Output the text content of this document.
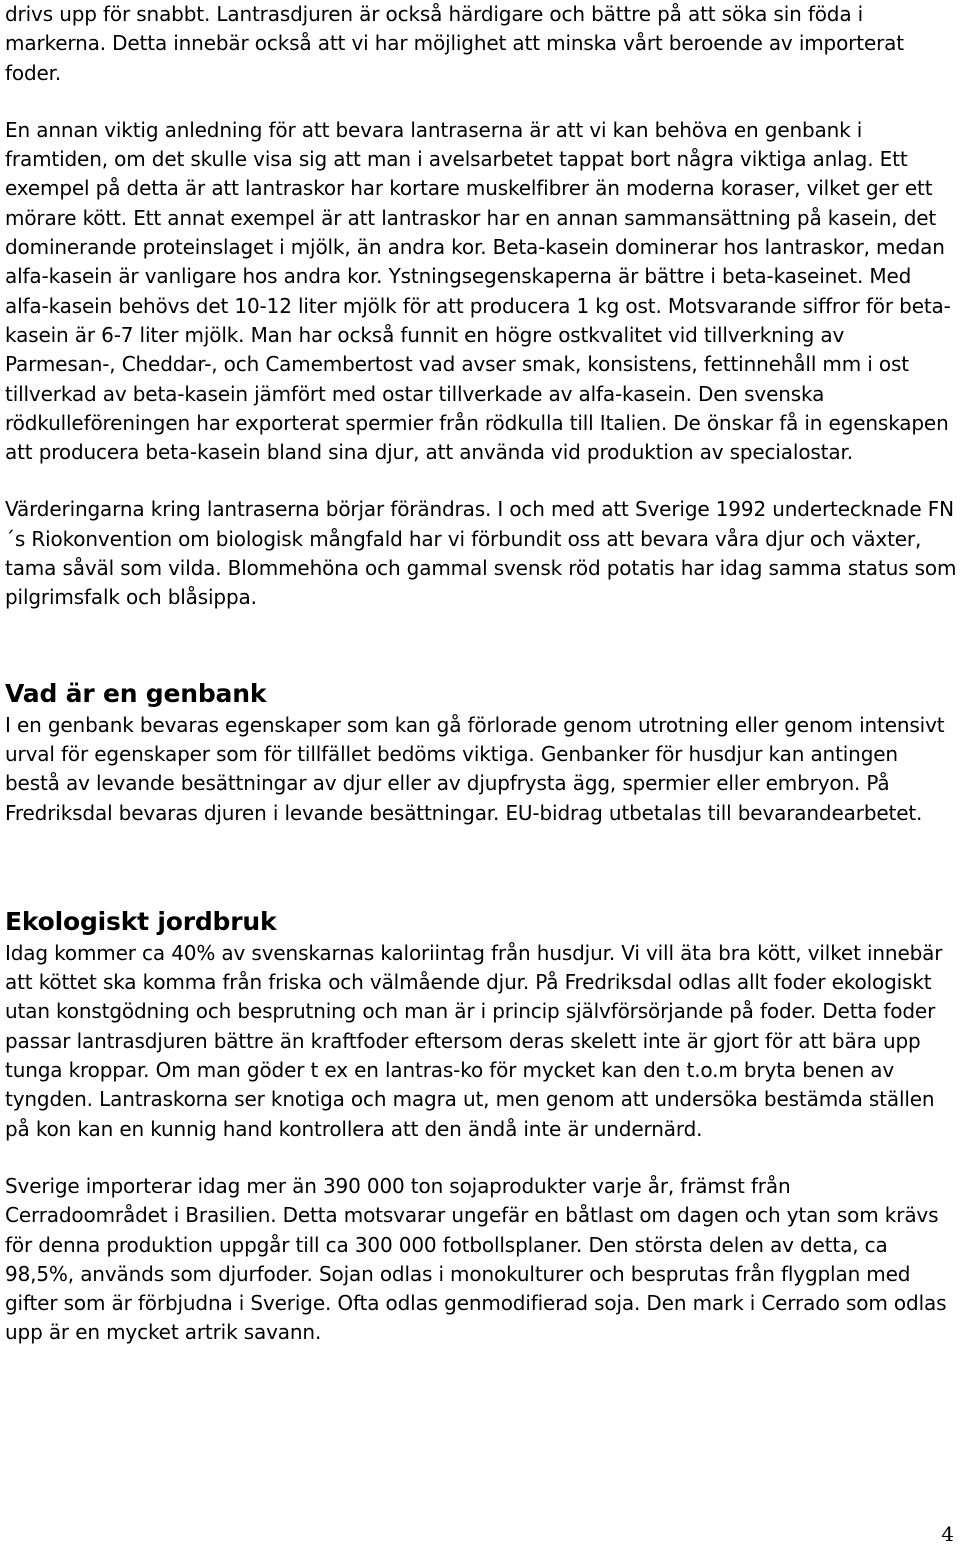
drivs upp för snabbt. Lantrasdjuren är också härdigare och bättre på att söka sin föda i markerna. Detta innebär också att vi har möjlighet att minska vårt beroende av importerat foder.

En annan viktig anledning för att bevara lantraserna är att vi kan behöva en genbank i framtiden, om det skulle visa sig att man i avelsarbetet tappat bort några viktiga anlag. Ett exempel på detta är att lantraskor har kortare muskelfibrer än moderna koraser, vilket ger ett mörare kött. Ett annat exempel är att lantraskor har en annan sammansättning på kasein, det dominerande proteinslaget i mjölk, än andra kor. Beta-kasein dominerar hos lantraskor, medan alfa-kasein är vanligare hos andra kor. Ystningsegenskaperna är bättre i beta-kaseinet. Med alfa-kasein behövs det 10-12 liter mjölk för att producera 1 kg ost. Motsvarande siffror för beta-kasein är 6-7 liter mjölk. Man har också funnit en högre ostkvalitet vid tillverkning av Parmesan-, Cheddar-, och Camembertost vad avser smak, konsistens, fettinnehåll mm i ost tillverkad av beta-kasein jämfört med ostar tillverkade av alfa-kasein. Den svenska rödkulleföreningen har exporterat spermier från rödkulla till Italien. De önskar få in egenskapen att producera beta-kasein bland sina djur, att använda vid produktion av specialostar.

Värderingarna kring lantraserna börjar förändras. I och med att Sverige 1992 undertecknade FN´s Riokonvention om biologisk mångfald har vi förbundit oss att bevara våra djur och växter, tama såväl som vilda. Blommehöna och gammal svensk röd potatis har idag samma status som pilgrimsfalk och blåsippa.

Vad är en genbank

I en genbank bevaras egenskaper som kan gå förlorade genom utrotning eller genom intensivt urval för egenskaper som för tillfället bedöms viktiga. Genbanker för husdjur kan antingen bestå av levande besättningar av djur eller av djupfrysta ägg, spermier eller embryon. På Fredriksdal bevaras djuren i levande besättningar. EU-bidrag utbetalas till bevarandearbetet.

Ekologiskt jordbruk

Idag kommer ca 40% av svenskarnas kaloriintag från husdjur. Vi vill äta bra kött, vilket innebär att köttet ska komma från friska och välmående djur. På Fredriksdal odlas allt foder ekologiskt utan konstgödning och besprutning och man är i princip självförsörjande på foder. Detta foder passar lantrasdjuren bättre än kraftfoder eftersom deras skelett inte är gjort för att bära upp tunga kroppar. Om man göder t ex en lantras-ko för mycket kan den t.o.m bryta benen av tyngden. Lantraskorna ser knotiga och magra ut, men genom att undersöka bestämda ställen på kon kan en kunnig hand kontrollera att den ändå inte är undernärd.

Sverige importerar idag mer än 390 000 ton sojaprodukter varje år, främst från Cerradoområdet i Brasilien. Detta motsvarar ungefär en båtlast om dagen och ytan som krävs för denna produktion uppgår till ca 300 000 fotbollsplaner. Den största delen av detta, ca 98,5%, används som djurfoder. Sojan odlas i monokulturer och besprutas från flygplan med gifter som är förbjudna i Sverige. Ofta odlas genmodifierad soja. Den mark i Cerrado som odlas upp är en mycket artrik savann.

4
